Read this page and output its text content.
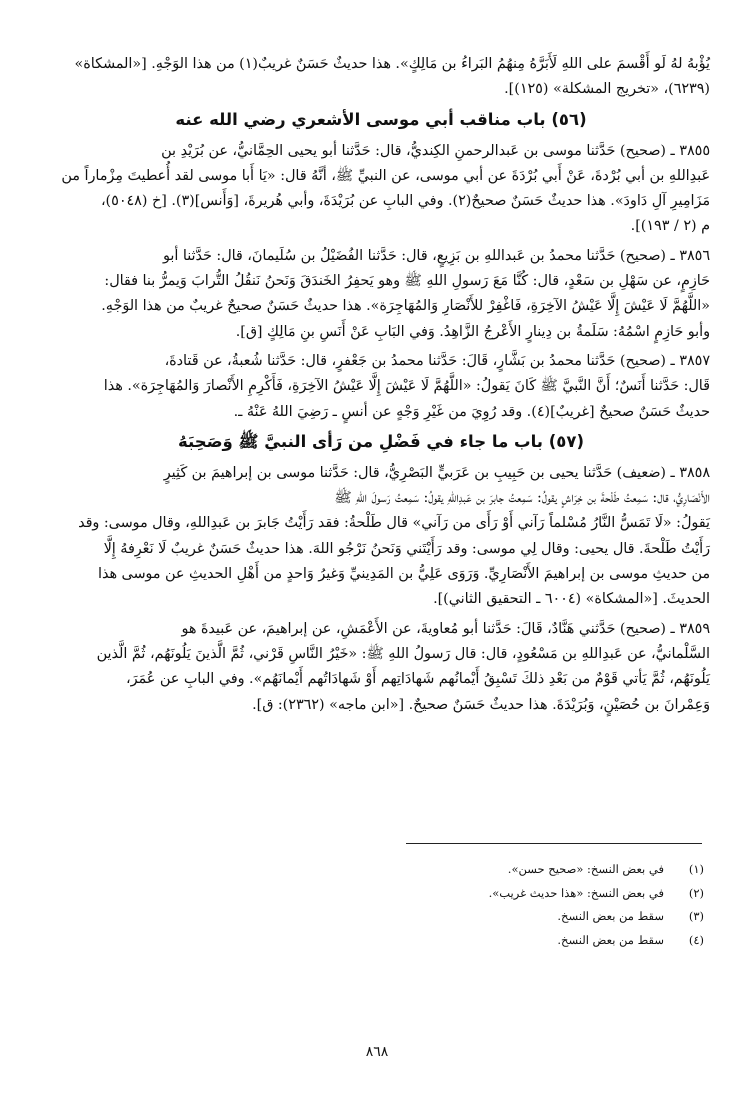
يُؤْبهُ لهُ لَو أَقْسمَ على اللهِ لَأَبَرَّهُ مِنهُمُ البَراءُ بن مَالِكٍ». هذا حديثٌ حَسَنٌ غريبٌ(١) من هذا الوَجْهِ. [«المشكاة»

(٦٢٣٩)، «تخريج المشكلة» (١٢٥)].

(٥٦) باب مناقب أبي موسى الأشعري رضي الله عنه

٣٨٥٥ ـ (صحيح) حَدَّثنا موسى بن عَبدالرحمنِ الكِنديُّ، قال: حَدَّثنا أبو يحيى الحِمَّانيُّ، عن بُرَيْدِ بن

عَبدِاللهِ بن أبي بُرْدةَ، عَنْ أَبي بُرْدَةَ عن أبي موسى، عن النبيِّ ﷺ، أنَّهُ قال: «يَا أَبا موسى لقد أُعطيتَ مِزْماراً من

مَزَامِيرِ آلِ دَاودَ». هذا حديثٌ حَسَنٌ صحيحٌ(٢). وفي البابِ عن بُرَيْدَةَ، وأبي هُريرةَ، [وَأَنس](٣). [خ (٥٠٤٨)،

م (٢ / ١٩٣)].

٣٨٥٦ ـ (صحيح) حَدَّثنا محمدُ بن عَبداللهِ بن بَزِيعٍ، قال: حَدَّثنا الفُضَيْلُ بن سُلَيمانَ، قال: حَدَّثنا أبو

حَازِمٍ، عن سَهْلِ بن سَعْدٍ، قال: كُنَّا مَعَ رَسولِ اللهِ ﷺ وهو يَحفِرُ الخَندَقَ وَنَحنُ نَنقُلُ التُّرابَ وَيمرُّ بنا فقال:

«اللَّهُمَّ لَا عَيْشَ إِلَّا عَيْشُ الآخِرَةِ، فَاغْفِرْ للأَنْصَارِ وَالمُهَاجِرَة». هذا حديثٌ حَسَنٌ صحيحٌ غريبٌ من هذا الوَجْهِ.

وأبو حَازِمٍ اسْمُهُ: سَلَمةُ بن دِينارٍ الأَعْرجُ الزَّاهِدُ. وَفي البَابِ عَنْ أَنَسِ بنِ مَالِكٍ [ق].

٣٨٥٧ ـ (صحيح) حَدَّثنا محمدُ بن بَشَّارٍ، قَالَ: حَدَّثنا محمدُ بن جَعْفرٍ، قال: حَدَّثنا شُعبةُ، عن قَتادةَ،

قَال: حَدَّثنا أَنَسٌ؛ أَنَّ النَّبيَّ ﷺ كَانَ يَقولُ: «اللَّهُمَّ لَا عَيْشَ إِلَّا عَيْشُ الآخِرَةِ، فَأَكْرِمِ الأَنْصارَ وَالمُهَاجِرَة». هذا

حديثٌ حَسَنٌ صحيحٌ [غريبٌ](٤). وقد رُوِيَ من غَيْرِ وَجْهٍ عن أنسٍ ـ رَضِيَ اللهُ عَنْهُ ـ.

(٥٧) باب ما جاء في فَضْلِ من رَأى النبيَّ ﷺ وَصَحِبَهُ

٣٨٥٨ ـ (ضعيف) حَدَّثنا يحيى بن حَبِيبِ بن عَرَبيٍّ البَصْرِيُّ، قال: حَدَّثنا موسى بن إبراهيمَ بن كَثِيرٍ

الأَنْصَارِيُّ، قال: سَمِعتُ طَلْحةَ بن خِرَاشٍ يقولُ: سَمِعتُ جابرَ بن عَبدِاللهِ يقولُ: سَمِعتُ رَسولَ اللهِ ﷺ

يَقولُ: «لَا تَمَسُّ النَّارُ مُسْلماً رَآني أَوْ رَأَى من رَآني» قال طَلْحةُ: فقد رَأَيْتُ جَابرَ بن عَبدِاللهِ، وقال موسى: وقد

رَأَيْتُ طَلْحةَ. قال يحيى: وقال لِي موسى: وقد رَأَيْتَني وَنَحنُ نَرْجُو اللهَ. هذا حديثٌ حَسَنٌ غريبٌ لَا نَعْرِفهُ إِلَّا

من حديثِ موسى بن إبراهيمَ الأَنْصَارِيِّ. وَرَوَى عَلِيُّ بن المَدِينيِّ وَغيرُ وَاحدٍ من أَهْلِ الحديثِ عن موسى هذا

الحديثَ. [«المشكاة» (٦٠٠٤ ـ التحقيق الثاني)].

٣٨٥٩ ـ (صحيح) حَدَّثني هَنَّادٌ، قَالَ: حَدَّثنا أبو مُعاويةَ، عن الأَعْمَشِ، عن إبراهيمَ، عن عَبيدةَ هو

السَّلْمانيُّ، عن عَبدِاللهِ بن مَسْعُودٍ، قال: قال رَسولُ اللهِ ﷺ: «خَيْرُ النَّاسِ قَرْني، ثُمَّ الَّذينَ يَلُونَهُم، ثُمَّ الَّذين

يَلُونَهُم، ثُمَّ يَأتي قَوْمٌ من بَعْدِ ذلكَ تَسْبِقُ أَيْمانُهم شَهادَاتِهم أَوْ شَهادَاتُهم أَيْمانَهُم». وفي البابِ عن عُمَرَ،

وَعِمْرانَ بن حُصَيْنٍ، وَبُرَيْدَةَ. هذا حديثٌ حَسَنٌ صحيحٌ. [«ابن ماجه» (٢٣٦٢): ق].

(١)
في بعض النسخ: «صحيح حسن».
(٢)
في بعض النسخ: «هذا حديث غريب».
(٣)
سقط من بعض النسخ.
(٤)
سقط من بعض النسخ.
٨٦٨
